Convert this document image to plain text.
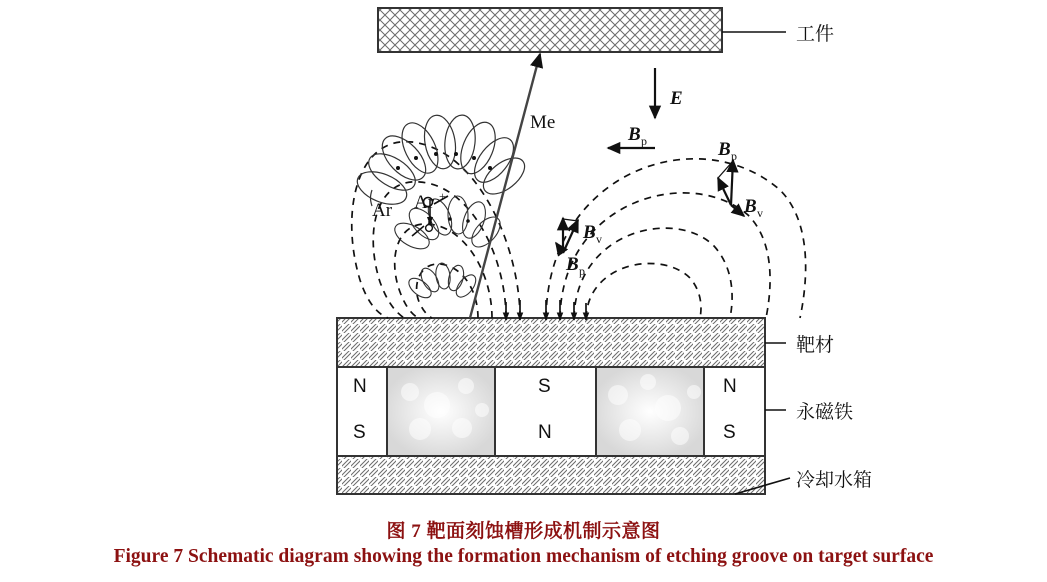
工件
靶材
N
S
S
N
N
S
永磁铁
冷却水箱
Me
E
Ar Ar +
B p	B p
B v
B v
B p
图 7 靶面刻蚀槽形成机制示意图
Figure 7 Schematic diagram showing the formation mechanism of etching groove on target surface
